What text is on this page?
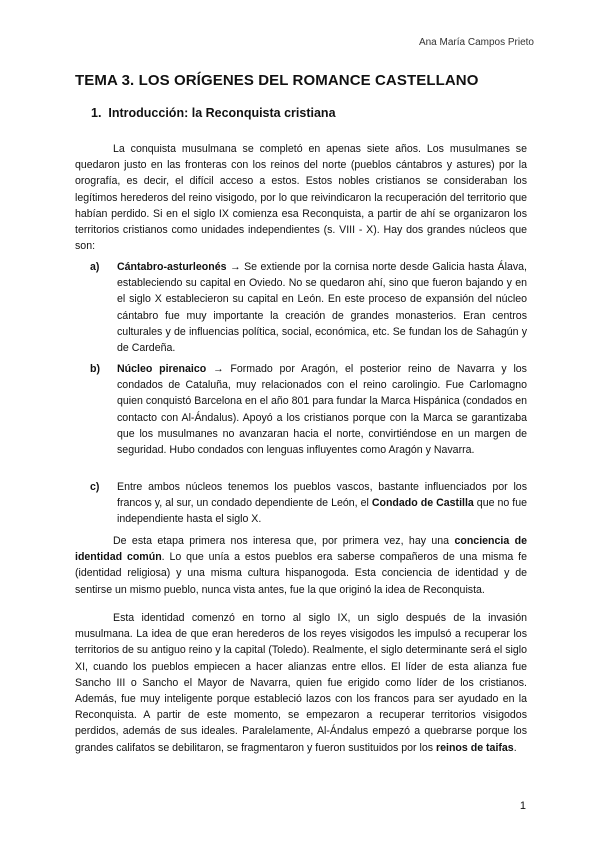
Ana María Campos Prieto
TEMA 3. LOS ORÍGENES DEL ROMANCE CASTELLANO
1. Introducción: la Reconquista cristiana

La conquista musulmana se completó en apenas siete años. Los musulmanes se quedaron justo en las fronteras con los reinos del norte (pueblos cántabros y astures) por la orografía, es decir, el difícil acceso a estos. Estos nobles cristianos se consideraban los legítimos herederos del reino visigodo, por lo que reivindicaron la recuperación del territorio que habían perdido. Si en el siglo IX comienza esa Reconquista, a partir de ahí se organizaron los territorios cristianos como unidades independientes (s. VIII - X). Hay dos grandes núcleos que son:

a) Cántabro-asturleonés → Se extiende por la cornisa norte desde Galicia hasta Álava, estableciendo su capital en Oviedo. No se quedaron ahí, sino que fueron bajando y en el siglo X establecieron su capital en León. En este proceso de expansión del núcleo cántabro fue muy importante la creación de grandes monasterios. Eran centros culturales y de influencias política, social, económica, etc. Se fundan los de Sahagún y de Cardeña.
b) Núcleo pirenaico → Formado por Aragón, el posterior reino de Navarra y los condados de Cataluña, muy relacionados con el reino carolingio. Fue Carlomagno quien conquistó Barcelona en el año 801 para fundar la Marca Hispánica (condados en contacto con Al-Ándalus). Apoyó a los cristianos porque con la Marca se garantizaba que los musulmanes no avanzaran hacia el norte, convirtiéndose en un margen de seguridad. Hubo condados con lenguas influyentes como Aragón y Navarra.
c) Entre ambos núcleos tenemos los pueblos vascos, bastante influenciados por los francos y, al sur, un condado dependiente de León, el Condado de Castilla que no fue independiente hasta el siglo X.

De esta etapa primera nos interesa que, por primera vez, hay una conciencia de identidad común. Lo que unía a estos pueblos era saberse compañeros de una misma fe (identidad religiosa) y una misma cultura hispanogoda. Esta conciencia de identidad y de sentirse un mismo pueblo, nunca vista antes, fue la que originó la idea de Reconquista.

Esta identidad comenzó en torno al siglo IX, un siglo después de la invasión musulmana. La idea de que eran herederos de los reyes visigodos les impulsó a recuperar los territorios de su antiguo reino y la capital (Toledo). Realmente, el siglo determinante será el siglo XI, cuando los pueblos empiecen a hacer alianzas entre ellos. El líder de esta alianza fue Sancho III o Sancho el Mayor de Navarra, quien fue erigido como líder de los cristianos. Además, fue muy inteligente porque estableció lazos con los francos para ser ayudado en la Reconquista. A partir de este momento, se empezaron a recuperar territorios visigodos perdidos, además de sus ideales. Paralelamente, Al-Ándalus empezó a quebrarse porque los grandes califatos se debilitaron, se fragmentaron y fueron sustituidos por los reinos de taifas.

1
